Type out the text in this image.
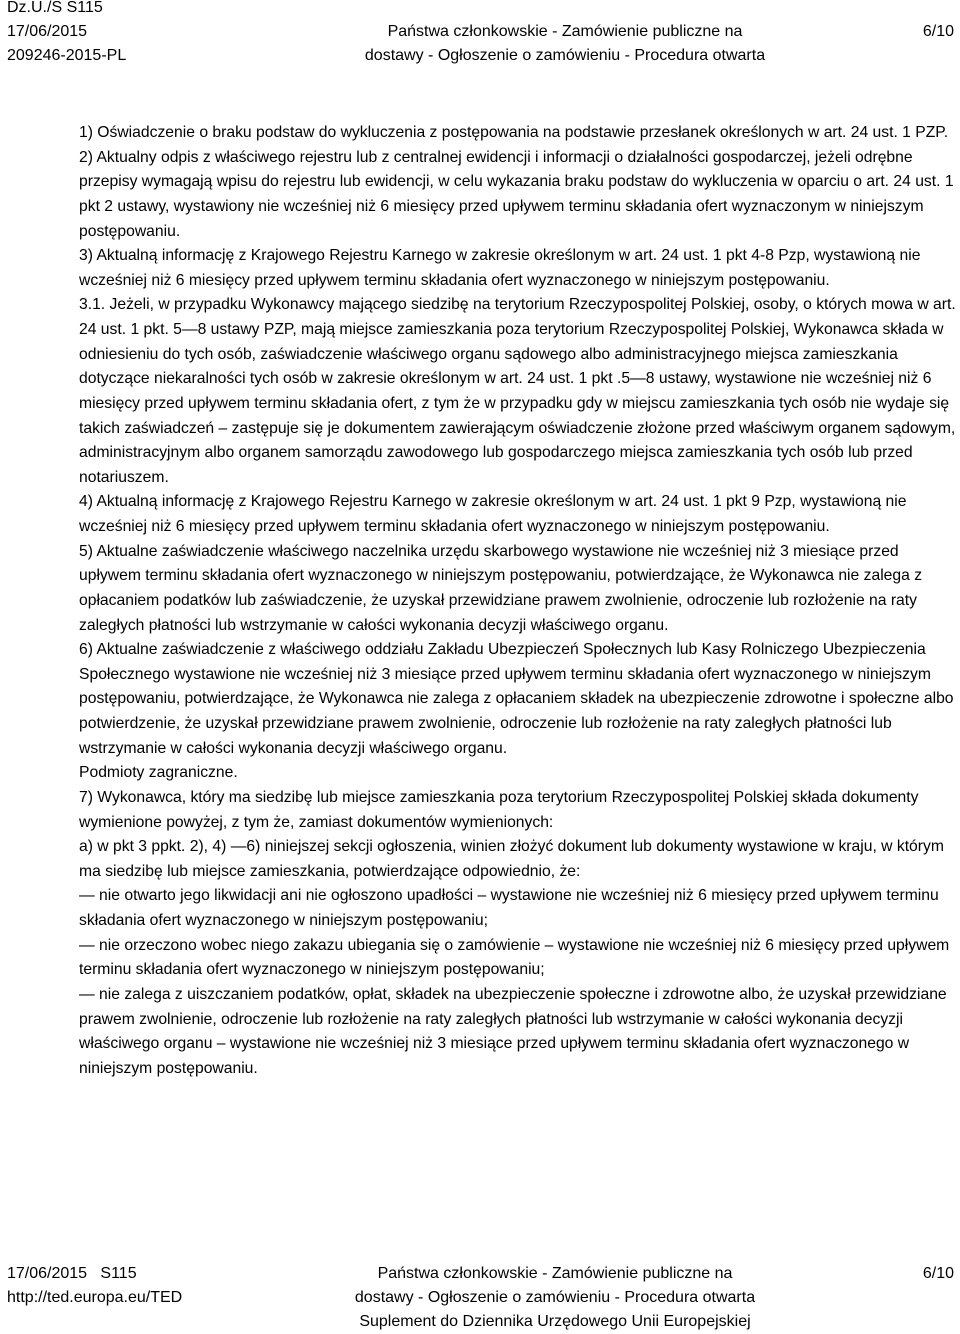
Dz.U./S S115
17/06/2015
209246-2015-PL
Państwa członkowskie - Zamówienie publiczne na
dostawy - Ogłoszenie o zamówieniu - Procedura otwarta
6/10

1) Oświadczenie o braku podstaw do wykluczenia z postępowania na podstawie przesłanek określonych w art. 24 ust. 1 PZP.

2) Aktualny odpis z właściwego rejestru lub z centralnej ewidencji i informacji o działalności gospodarczej, jeżeli odrębne przepisy wymagają wpisu do rejestru lub ewidencji, w celu wykazania braku podstaw do wykluczenia w oparciu o art. 24 ust. 1 pkt 2 ustawy, wystawiony nie wcześniej niż 6 miesięcy przed upływem terminu składania ofert wyznaczonym w niniejszym postępowaniu.

3) Aktualną informację z Krajowego Rejestru Karnego w zakresie określonym w art. 24 ust. 1 pkt 4-8 Pzp, wystawioną nie wcześniej niż 6 miesięcy przed upływem terminu składania ofert wyznaczonego w niniejszym postępowaniu.

3.1. Jeżeli, w przypadku Wykonawcy mającego siedzibę na terytorium Rzeczypospolitej Polskiej, osoby, o których mowa w art. 24 ust. 1 pkt. 5—8 ustawy PZP, mają miejsce zamieszkania poza terytorium Rzeczypospolitej Polskiej, Wykonawca składa w odniesieniu do tych osób, zaświadczenie właściwego organu sądowego albo administracyjnego miejsca zamieszkania dotyczące niekaralności tych osób w zakresie określonym w art. 24 ust. 1 pkt .5—8 ustawy, wystawione nie wcześniej niż 6 miesięcy przed upływem terminu składania ofert, z tym że w przypadku gdy w miejscu zamieszkania tych osób nie wydaje się takich zaświadczeń – zastępuje się je dokumentem zawierającym oświadczenie złożone przed właściwym organem sądowym, administracyjnym albo organem samorządu zawodowego lub gospodarczego miejsca zamieszkania tych osób lub przed notariuszem.

4) Aktualną informację z Krajowego Rejestru Karnego w zakresie określonym w art. 24 ust. 1 pkt 9 Pzp, wystawioną nie wcześniej niż 6 miesięcy przed upływem terminu składania ofert wyznaczonego w niniejszym postępowaniu.

5) Aktualne zaświadczenie właściwego naczelnika urzędu skarbowego wystawione nie wcześniej niż 3 miesiące przed upływem terminu składania ofert wyznaczonego w niniejszym postępowaniu, potwierdzające, że Wykonawca nie zalega z opłacaniem podatków lub zaświadczenie, że uzyskał przewidziane prawem zwolnienie, odroczenie lub rozłożenie na raty zaległych płatności lub wstrzymanie w całości wykonania decyzji właściwego organu.

6) Aktualne zaświadczenie z właściwego oddziału Zakładu Ubezpieczeń Społecznych lub Kasy Rolniczego Ubezpieczenia Społecznego wystawione nie wcześniej niż 3 miesiące przed upływem terminu składania ofert wyznaczonego w niniejszym postępowaniu, potwierdzające, że Wykonawca nie zalega z opłacaniem składek na ubezpieczenie zdrowotne i społeczne albo potwierdzenie, że uzyskał przewidziane prawem zwolnienie, odroczenie lub rozłożenie na raty zaległych płatności lub wstrzymanie w całości wykonania decyzji właściwego organu.

Podmioty zagraniczne.

7) Wykonawca, który ma siedzibę lub miejsce zamieszkania poza terytorium Rzeczypospolitej Polskiej składa dokumenty wymienione powyżej, z tym że, zamiast dokumentów wymienionych:

a) w pkt 3 ppkt. 2), 4) —6) niniejszej sekcji ogłoszenia, winien złożyć dokument lub dokumenty wystawione w kraju, w którym ma siedzibę lub miejsce zamieszkania, potwierdzające odpowiednio, że:

— nie otwarto jego likwidacji ani nie ogłoszono upadłości – wystawione nie wcześniej niż 6 miesięcy przed upływem terminu składania ofert wyznaczonego w niniejszym postępowaniu;

— nie orzeczono wobec niego zakazu ubiegania się o zamówienie – wystawione nie wcześniej niż 6 miesięcy przed upływem terminu składania ofert wyznaczonego w niniejszym postępowaniu;

— nie zalega z uiszczaniem podatków, opłat, składek na ubezpieczenie społeczne i zdrowotne albo, że uzyskał przewidziane prawem zwolnienie, odroczenie lub rozłożenie na raty zaległych płatności lub wstrzymanie w całości wykonania decyzji właściwego organu – wystawione nie wcześniej niż 3 miesiące przed upływem terminu składania ofert wyznaczonego w niniejszym postępowaniu.

17/06/2015 S115
http://ted.europa.eu/TED
Państwa członkowskie - Zamówienie publiczne na
dostawy - Ogłoszenie o zamówieniu - Procedura otwarta
Suplement do Dziennika Urzędowego Unii Europejskiej
6/10
